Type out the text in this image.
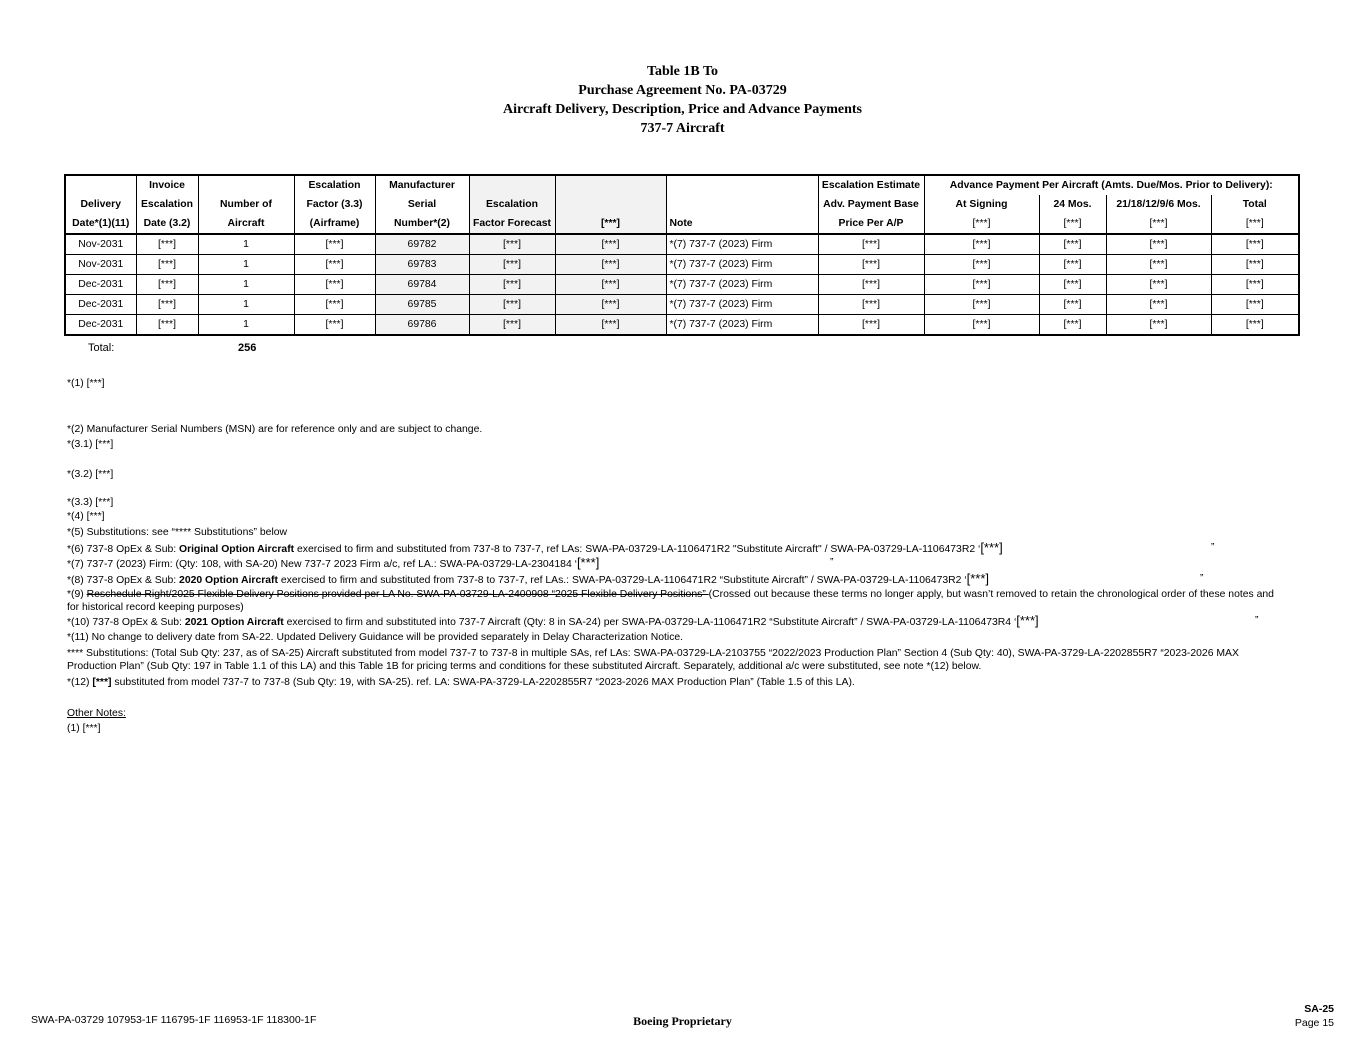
Table 1B To
Purchase Agreement No. PA-03729
Aircraft Delivery, Description, Price and Advance Payments
737-7 Aircraft
	Invoice		Escalation	Manufacturer				Escalation Estimate	Advance Payment Per Aircraft (Amts. Due/Mos. Prior to Delivery):			
Delivery	Escalation	Number of	Factor (3.3)	Serial	Escalation			Adv. Payment Base	At Signing	24 Mos.	21/18/12/9/6 Mos.	Total
Date*(1)(11)	Date (3.2)	Aircraft	(Airframe)	Number*(2)	Factor Forecast	[***]	Note	Price Per A/P	[***]	[***]	[***]	[***]
Nov-2031	[***]	1	[***]	69782	[***]	[***]	*(7) 737-7 (2023) Firm	[***]	[***]	[***]	[***]	[***]
Nov-2031	[***]	1	[***]	69783	[***]	[***]	*(7) 737-7 (2023) Firm	[***]	[***]	[***]	[***]	[***]
Dec-2031	[***]	1	[***]	69784	[***]	[***]	*(7) 737-7 (2023) Firm	[***]	[***]	[***]	[***]	[***]
Dec-2031	[***]	1	[***]	69785	[***]	[***]	*(7) 737-7 (2023) Firm	[***]	[***]	[***]	[***]	[***]
Dec-2031	[***]	1	[***]	69786	[***]	[***]	*(7) 737-7 (2023) Firm	[***]	[***]	[***]	[***]	[***]
Total:	256
*(1) [***]
*(2) Manufacturer Serial Numbers (MSN) are for reference only and are subject to change.
*(3.1) [***]
*(3.2) [***]
*(3.3) [***]
*(4) [***]
*(5) Substitutions: see “**** Substitutions” below
*(6) 737-8 OpEx & Sub: Original Option Aircraft exercised to firm and substituted from 737-8 to 737-7, ref LAs: SWA-PA-03729-LA-1106471R2 "Substitute Aircraft" / SWA-PA-03729-LA-1106473R2 ‘[***]	”
*(7) 737-7 (2023) Firm: (Qty: 108, with SA-20) New 737-7 2023 Firm a/c, ref LA.: SWA-PA-03729-LA-2304184 ‘[***]	”
*(8) 737-8 OpEx & Sub: 2020 Option Aircraft exercised to firm and substituted from 737-8 to 737-7, ref LAs.: SWA-PA-03729-LA-1106471R2 “Substitute Aircraft” / SWA-PA-03729-LA-1106473R2 ‘[***]	”
*(9) Reschedule Right/2025 Flexible Delivery Positions provided per LA No. SWA-PA-03729-LA-2400908 “2025 Flexible Delivery Positions” (Crossed out because these terms no longer apply, but wasn’t removed to retain the chronological order of these notes and for historical record keeping purposes)
*(10) 737-8 OpEx & Sub: 2021 Option Aircraft exercised to firm and substituted into 737-7 Aircraft (Qty: 8 in SA-24) per SWA-PA-03729-LA-1106471R2 “Substitute Aircraft” / SWA-PA-03729-LA-1106473R4 ‘[***]	”
*(11) No change to delivery date from SA-22. Updated Delivery Guidance will be provided separately in Delay Characterization Notice.
**** Substitutions: (Total Sub Qty: 237, as of SA-25) Aircraft substituted from model 737-7 to 737-8 in multiple SAs, ref LAs: SWA-PA-03729-LA-2103755 “2022/2023 Production Plan” Section 4 (Sub Qty: 40), SWA-PA-3729-LA-2202855R7 “2023-2026 MAX Production Plan” (Sub Qty: 197 in Table 1.1 of this LA) and this Table 1B for pricing terms and conditions for these substituted Aircraft. Separately, additional a/c were substituted, see note *(12) below.
*(12) [***] substituted from model 737-7 to 737-8 (Sub Qty: 19, with SA-25). ref. LA: SWA-PA-3729-LA-2202855R7 “2023-2026 MAX Production Plan” (Table 1.5 of this LA).
Other Notes:
(1) [***]
SWA-PA-03729 107953-1F 116795-1F 116953-1F 118300-1F	Boeing Proprietary
SA-25
Page 15
